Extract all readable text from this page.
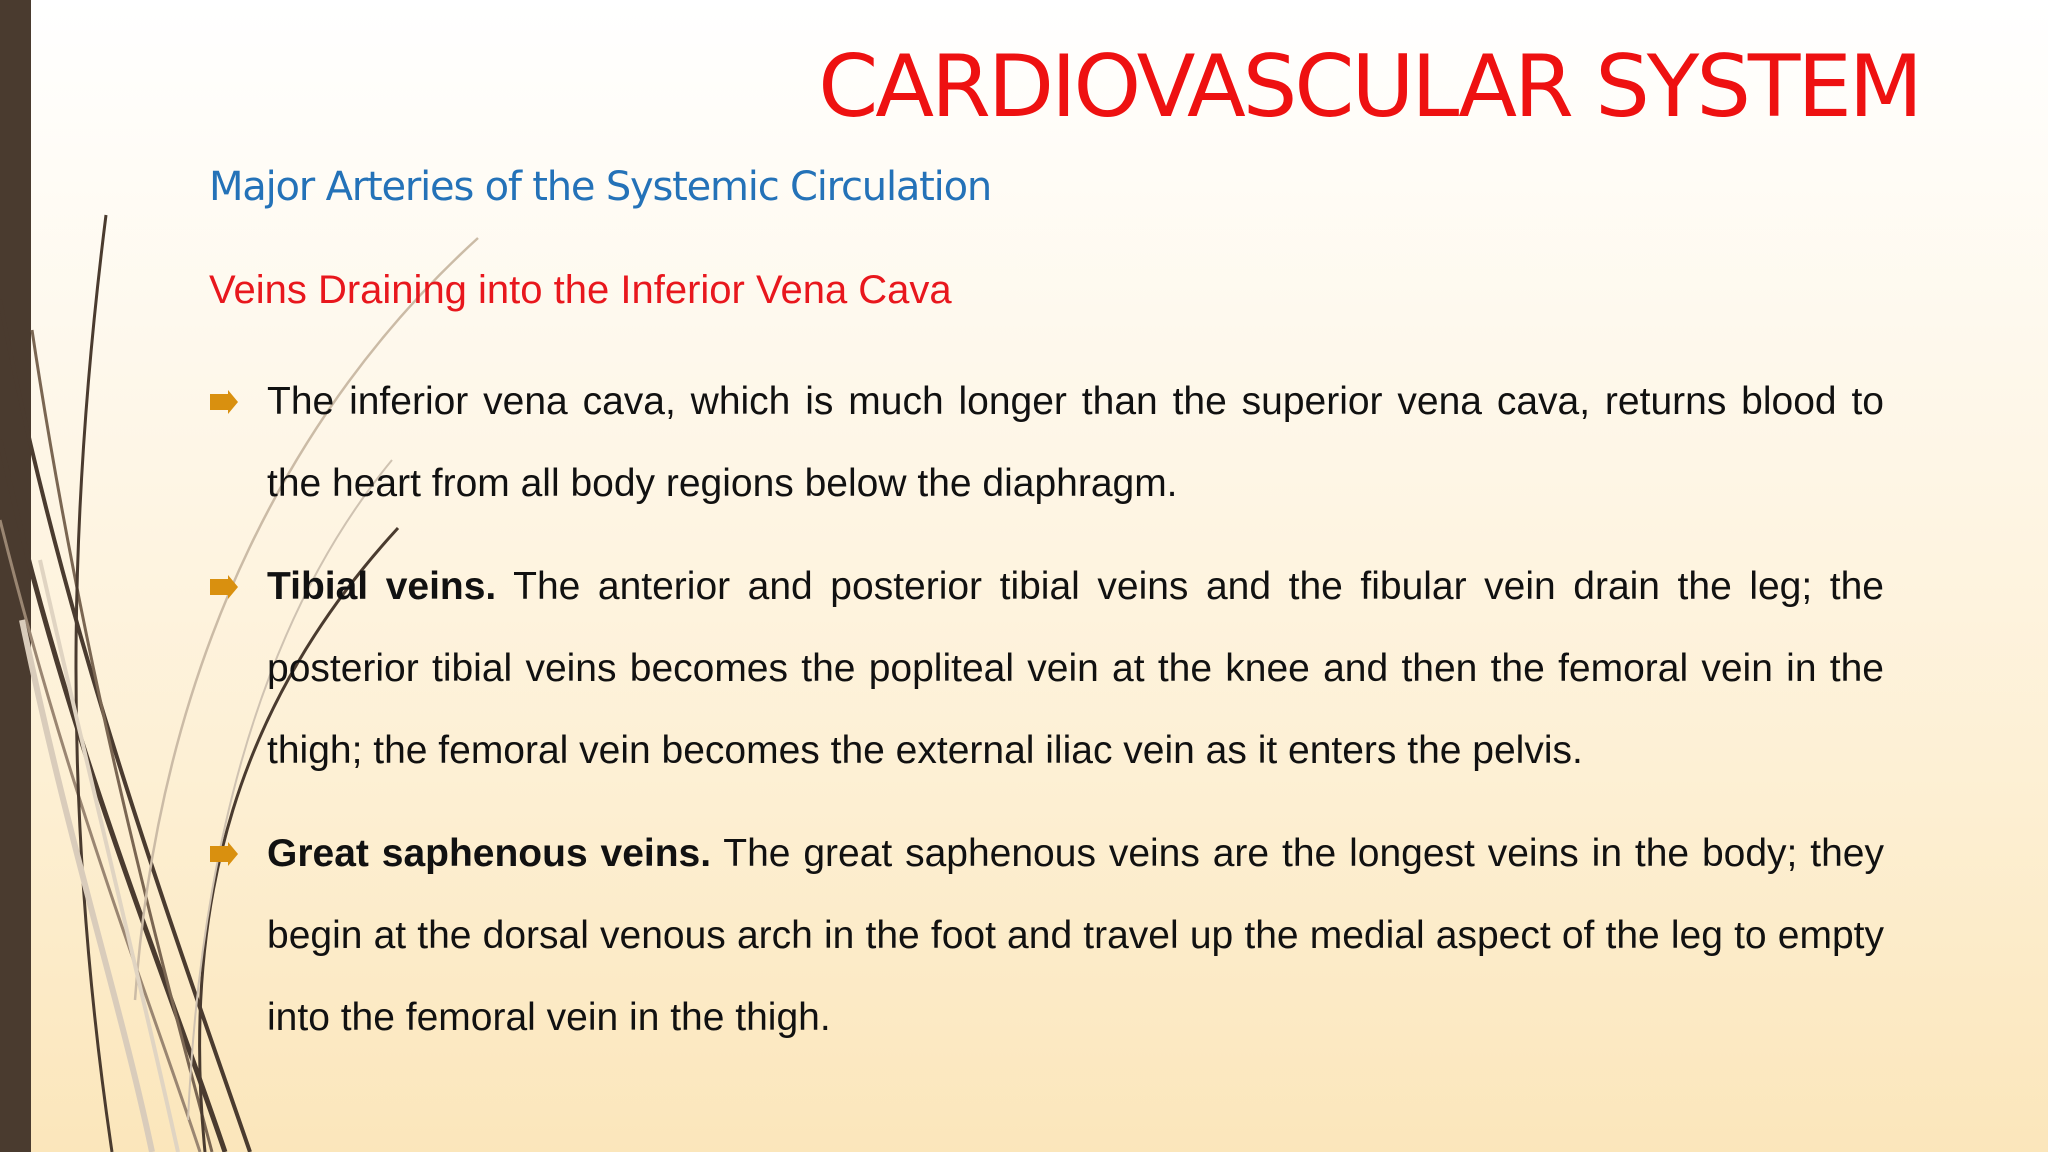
CARDIOVASCULAR SYSTEM
Major Arteries of the Systemic Circulation
Veins Draining into the Inferior Vena Cava
The inferior vena cava, which is much longer than the superior vena cava, returns blood to the heart from all body regions below the diaphragm.
Tibial veins. The anterior and posterior tibial veins and the fibular vein drain the leg; the posterior tibial veins becomes the popliteal vein at the knee and then the femoral vein in the thigh; the femoral vein becomes the external iliac vein as it enters the pelvis.
Great saphenous veins. The great saphenous veins are the longest veins in the body; they begin at the dorsal venous arch in the foot and travel up the medial aspect of the leg to empty into the femoral vein in the thigh.
